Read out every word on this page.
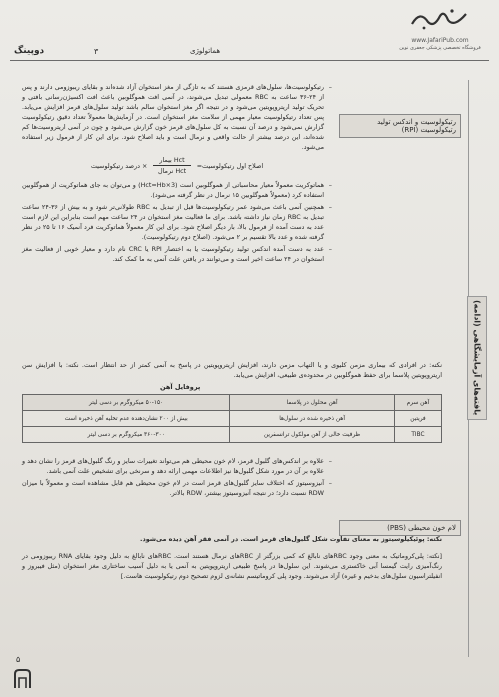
www.JafariPub.com
فروشگاه تخصصی پزشکی جعفری نوین
دوپینگ	۳	هماتولوژی
یافته‌های آزمایشگاهی (ادامه)
رتیکولوسیت و اندکس تولید رتیکولوسیت (RPI)
لام خون محیطی (PBS)

– رتیکولوسیت‌ها، سلول‌های قرمزی هستند که به تازگی از مغز استخوان آزاد شده‌اند و بقایای ریبوزومی دارند و پس از ۲۴-۳۶ ساعت به RBC معمولی تبدیل می‌شوند، در آنمی افت هموگلوبین باعث افت اکسیژن‌رسانی بافتی و تحریک تولید اریتروپویتین می‌شود و در نتیجه اگر مغز استخوان سالم باشد تولید سلول‌های قرمز افزایش می‌یابد. پس تعداد رتیکولوسیت معیار مهمی از سلامت مغز استخوان است. در آزمایش‌ها معمولاً تعداد دقیق رتیکولوسیت گزارش نمی‌شود و درصد آن نسبت به کل سلول‌های قرمز خون گزارش می‌شود و چون در آنمی اریتروسیت‌ها کم شده‌اند، این درصد بیشتر از حالت واقعی و نرمال است و باید اصلاح شود. برای این کار از فرمول زیر استفاده می‌شود.

اصلاح اول رتیکولوسیت=
$\frac{\text{Hct بیمار}}{\text{Hct نرمال}}$
× درصد رتیکولوسیت

– هماتوکریت معمولاً معیار محاسباتی از هموگلوبین است (Hct=Hb×3) و می‌توان به جای هماتوکریت از هموگلوبین استفاده کرد (معمولاً هموگلوبین ۱۵ نرمال در نظر گرفته می‌شود).

– همچنین آنمی باعث می‌شود عمر رتیکولوسیت‌ها قبل از تبدیل به RBC طولانی‌تر شود و به بیش از ۳۶-۲۴ ساعت تبدیل به RBC زمان نیاز داشته باشد. برای ما فعالیت مغز استخوان در ۲۴ ساعت مهم است بنابراین این لازم است عدد به دست آمده از فرمول بالا، بار دیگر اصلاح شود. برای این کار معمولاً هماتوکریت فرد آنمیک ۱۶ تا ۲۵ در نظر گرفته شده و عدد بالا تقسیم بر ۲ می‌شود. (اصلاح دوم رتیکولوسیت).

– عدد به دست آمده اندکس تولید رتیکولوسیت یا به اختصار RPI یا CRC نام دارد و معیار خوبی از فعالیت مغز استخوان در ۲۴ ساعت اخیر است و می‌توانند در یافتن علت آنمی به ما کمک کند.

نکته: در افرادی که بیماری مزمن کلیوی و یا التهاب مزمن دارند، افزایش اریتروپویتین در پاسخ به آنمی کمتر از حد انتظار است. نکته: با افزایش سن اریتروپویتین پلاسما برای حفظ هموگلوبین در محدوده‌ی طبیعی، افزایش می‌یابد.

پروفایل آهن
آهن سرم	آهن محلول در پلاسما	۵۰-۱۵۰ میکروگرم بر دسی لیتر
فریتین	آهن ذخیره شده در سلول‌ها	بیش از ۲۰۰ نشان‌دهنده عدم تخلیه آهن ذخیره است
TIBC	ظرفیت خالی از آهن مولکول ترانسفرین	۳۶۰-۳۰۰ میکروگرم بر دسی لیتر

– علاوه بر اندکس‌های گلبول قرمز، لام خون محیطی هم می‌تواند تغییرات سایز و رنگ گلبول‌های قرمز را نشان دهد و علاوه بر آن در مورد شکل گلبول‌ها نیز اطلاعات مهمی ارائه دهد و سرنخی برای تشخیص علت آنمی باشد.

– آنیزوسیتوز که اختلاف سایز گلبول‌های قرمز است در لام خون محیطی هم قابل مشاهده است و معمولاً با میزان RDW نسبت دارد؛ در نتیجه آنیزوسیتوز بیشتر، RDW بالاتر.

نکته: پوئیکیلوسیتوز به معنای تفاوت شکل گلبول‌های قرمز است. در آنمی فقر آهن دیده می‌شود.

[نکته: پلی‌کروماتیک به معنی وجود RBCهای نابالغ که کمی بزرگتر از RBCهای نرمال هستند است. RBCهای نابالغ به دلیل وجود بقایای RNA ریبوزومی در رنگ‌آمیزی رایت گیمسا آبی خاکستری می‌شوند. این سلول‌ها در پاسخ طبیعی اریتروپویتین به آنمی یا به دلیل آسیب ساختاری مغز استخوان (مثل فیبروز و انفیلتراسیون سلول‌های بدخیم و غیره) آزاد می‌شوند. وجود پلی کروماتیسم نشانه‌ی لزوم تصحیح دوم رتیکولوسیت هاست.]

۵
